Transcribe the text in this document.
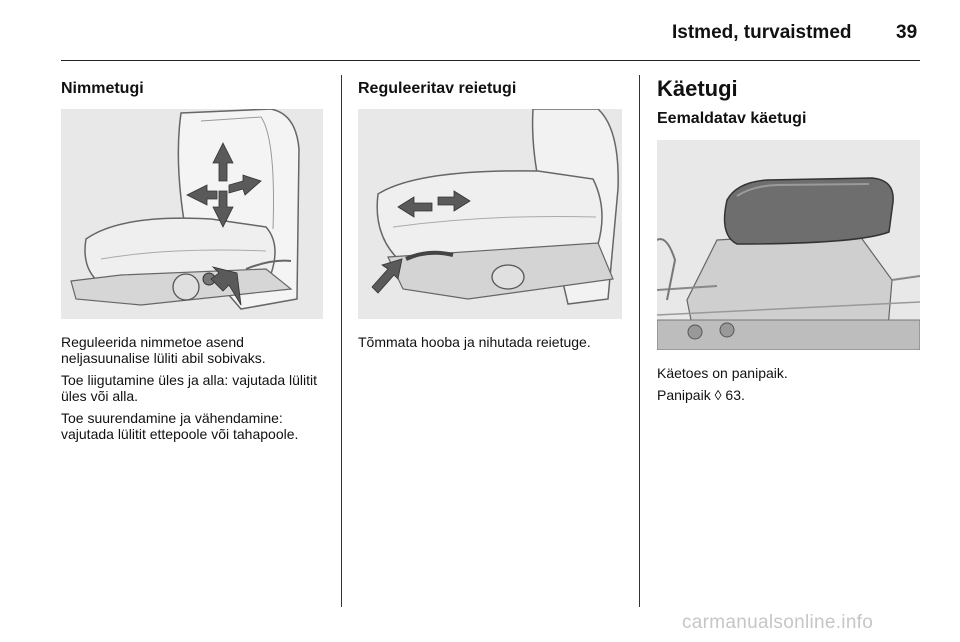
Istmed, turvaistmed 39
Nimmetugi

Reguleerida nimmetoe asend neljasuunalise lüliti abil sobivaks.

Toe liigutamine üles ja alla: vajutada lülitit üles või alla.

Toe suurendamine ja vähendamine: vajutada lülitit ettepoole või tahapoole.

Reguleeritav reietugi

Tõmmata hooba ja nihutada reietuge.

Käetugi
Eemaldatav käetugi

Käetoes on panipaik.

Panipaik ◊ 63.

carmanualsonline.info
